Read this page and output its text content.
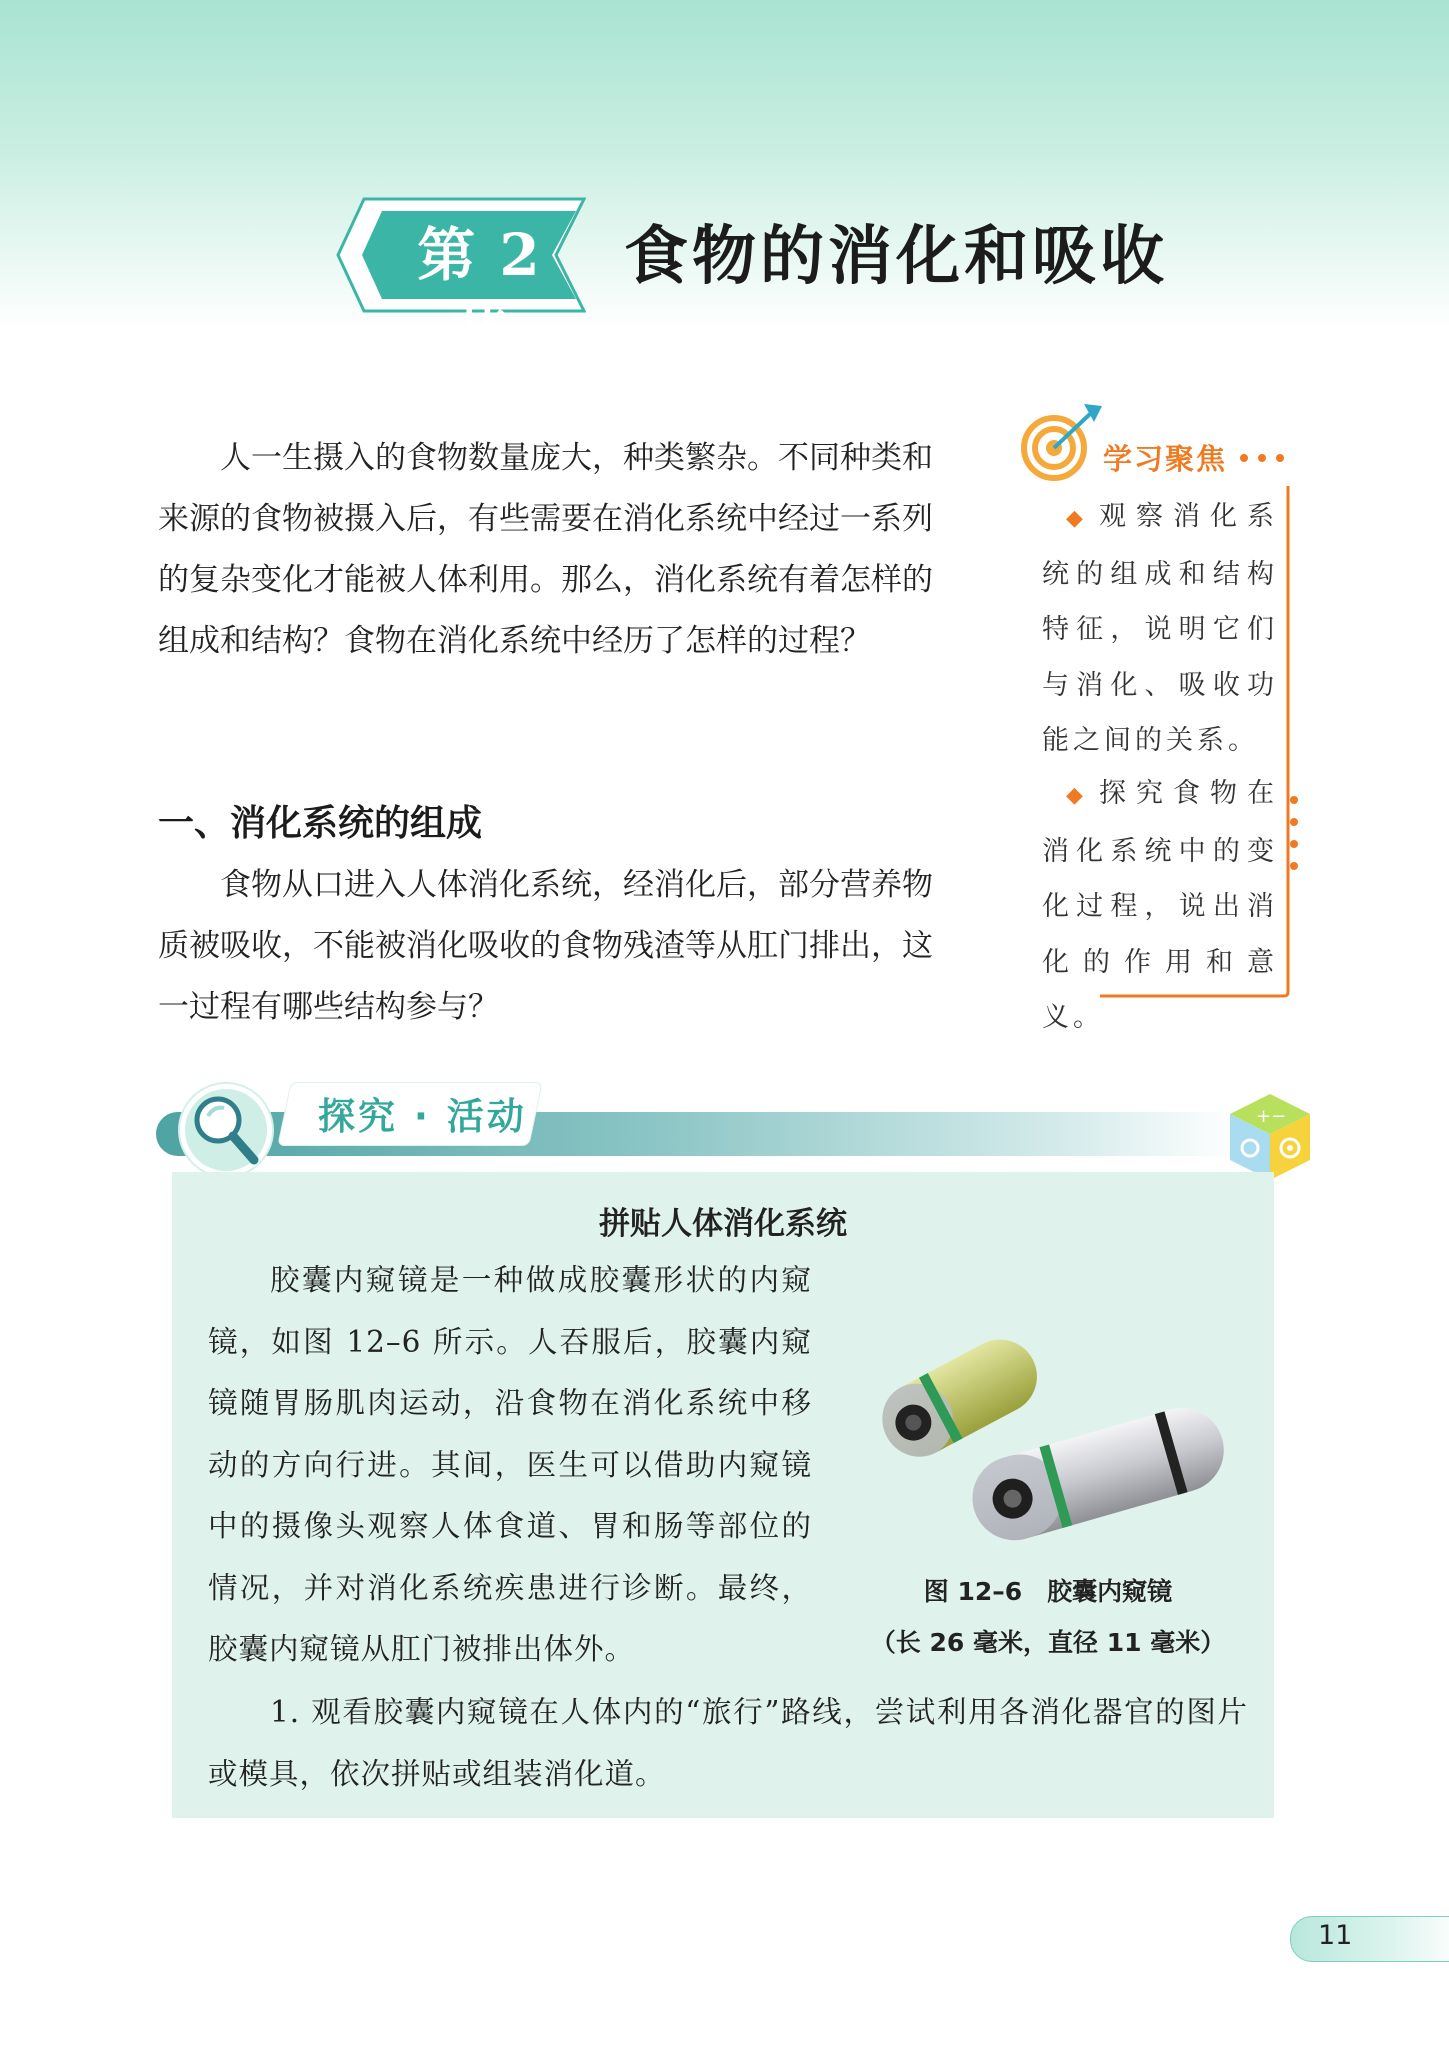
第 2 节
食物的消化和吸收
人一生摄入的食物数量庞大，种类繁杂。不同种类和来源的食物被摄入后，有些需要在消化系统中经过一系列的复杂变化才能被人体利用。那么，消化系统有着怎样的组成和结构？食物在消化系统中经历了怎样的过程？
一、消化系统的组成
食物从口进入人体消化系统，经消化后，部分营养物质被吸收，不能被消化吸收的食物残渣等从肛门排出，这一过程有哪些结构参与？
学习聚焦
◆观察消化系统的组成和结构特征，说明它们与消化、吸收功能之间的关系。
◆探究食物在消化系统中的变化过程，说出消化的作用和意义。
探究 · 活动	+−
拼贴人体消化系统
胶囊内窥镜是一种做成胶囊形状的内窥镜，如图 12–6 所示。人吞服后，胶囊内窥镜随胃肠肌肉运动，沿食物在消化系统中移动的方向行进。其间，医生可以借助内窥镜中的摄像头观察人体食道、胃和肠等部位的情况，并对消化系统疾患进行诊断。最终，胶囊内窥镜从肛门被排出体外。
图 12–6　胶囊内窥镜
（长 26 毫米，直径 11 毫米）
1. 观看胶囊内窥镜在人体内的“旅行”路线，尝试利用各消化器官的图片或模具，依次拼贴或组装消化道。
11
